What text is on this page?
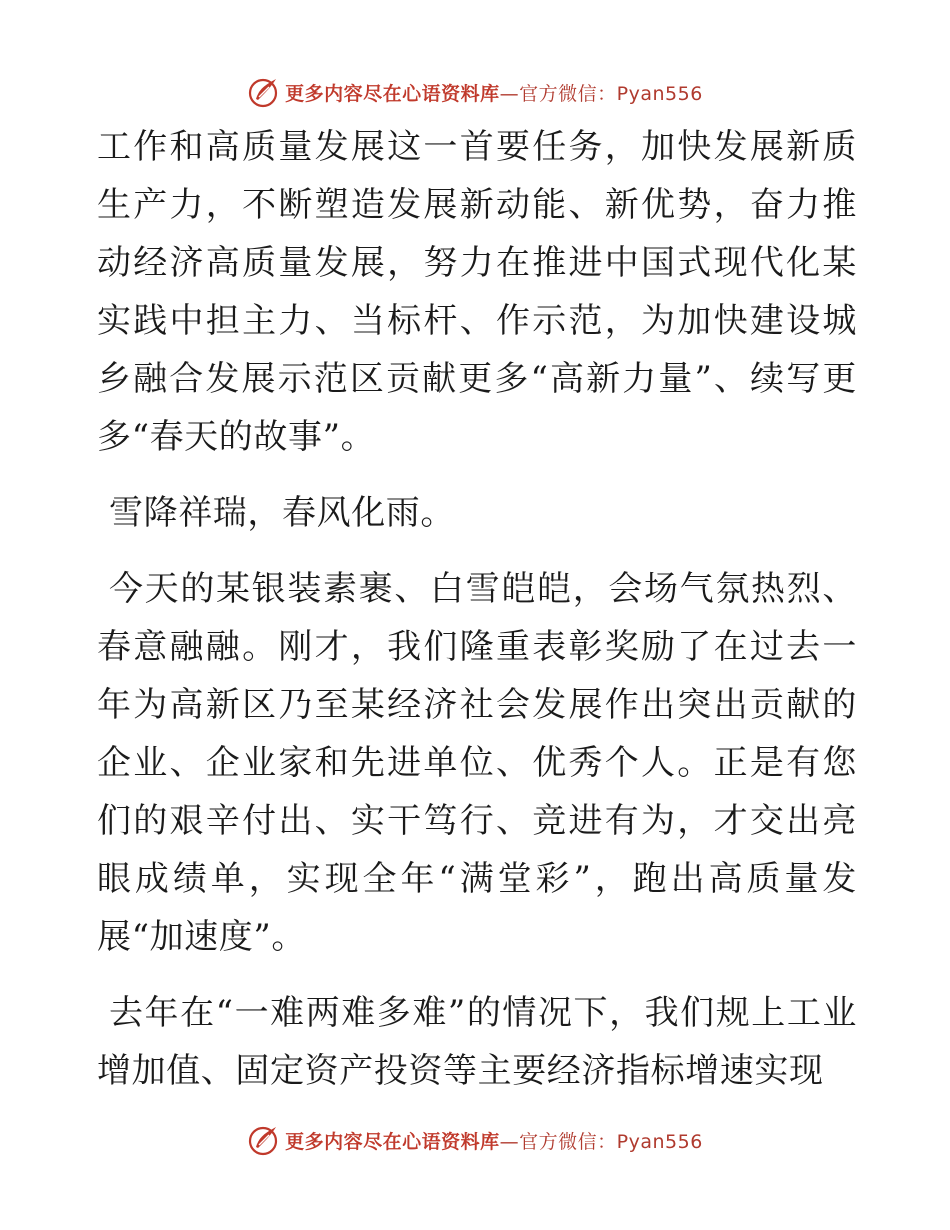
更多内容尽在心语资料库—官方微信：Pyan556

工作和高质量发展这一首要任务，加快发展新质生产力，不断塑造发展新动能、新优势，奋力推动经济高质量发展，努力在推进中国式现代化某实践中担主力、当标杆、作示范，为加快建设城乡融合发展示范区贡献更多“高新力量”、续写更多“春天的故事”。

雪降祥瑞，春风化雨。

今天的某银装素裹、白雪皑皑，会场气氛热烈、春意融融。刚才，我们隆重表彰奖励了在过去一年为高新区乃至某经济社会发展作出突出贡献的企业、企业家和先进单位、优秀个人。正是有您们的艰辛付出、实干笃行、竞进有为，才交出亮眼成绩单，实现全年“满堂彩”，跑出高质量发展“加速度”。

去年在“一难两难多难”的情况下，我们规上工业增加值、固定资产投资等主要经济指标增速实现

更多内容尽在心语资料库—官方微信：Pyan556
